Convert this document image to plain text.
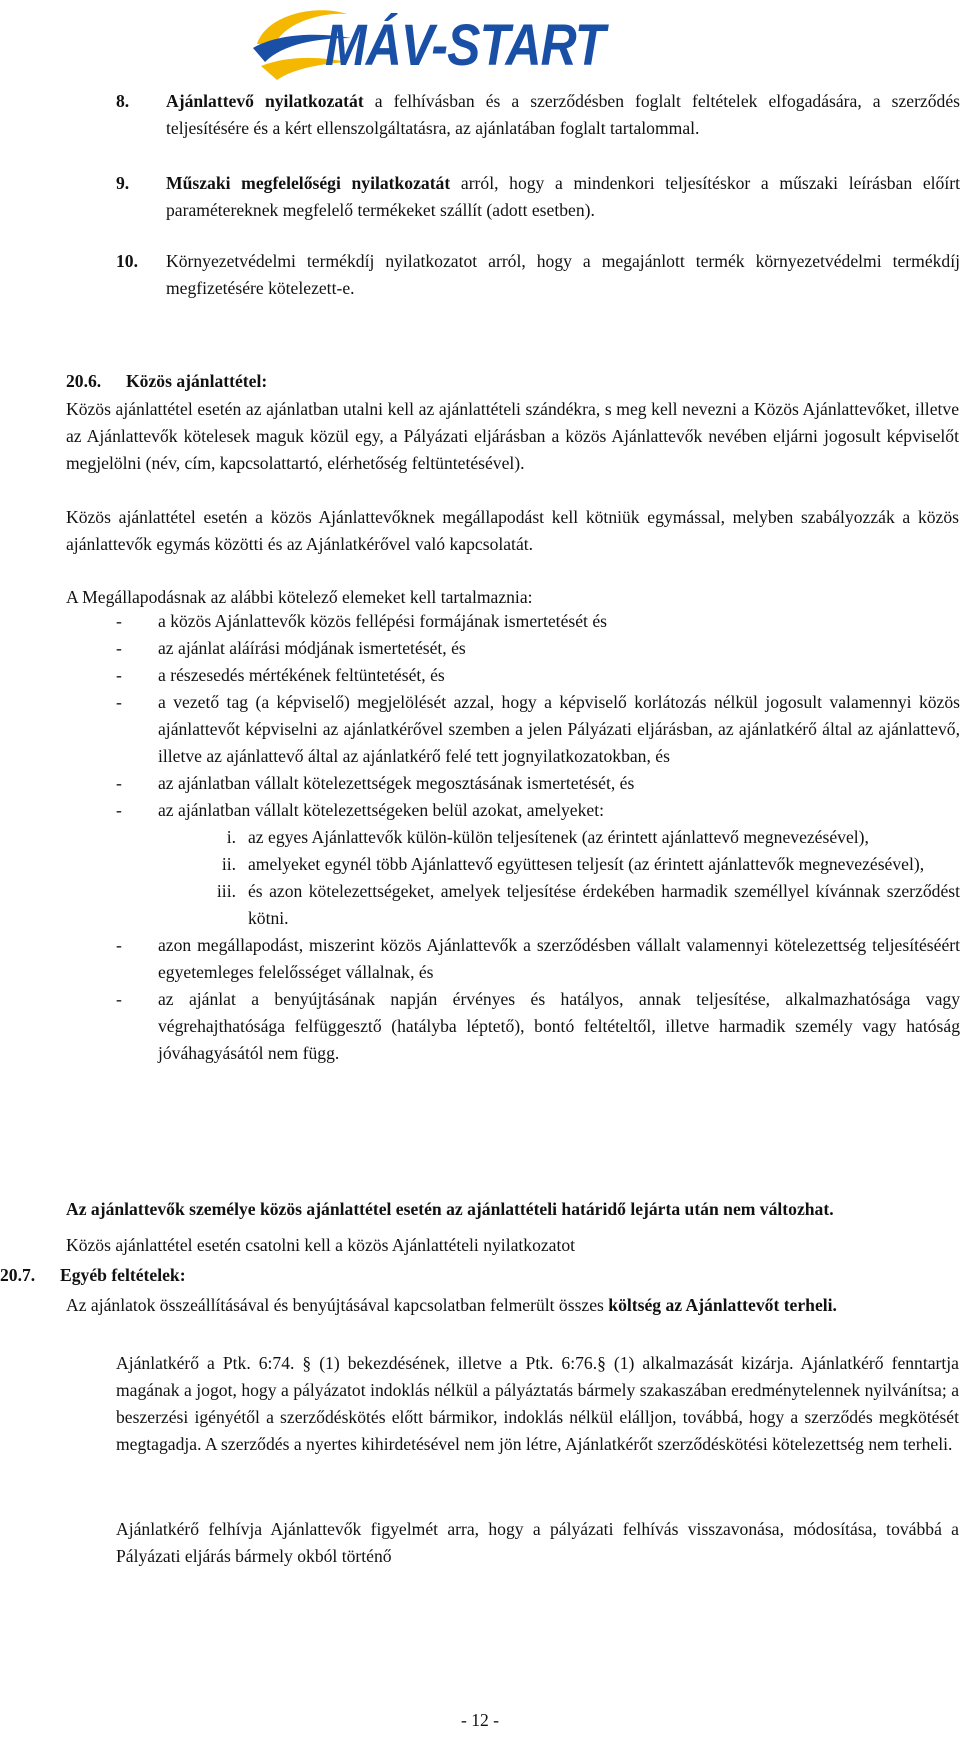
MÁV-START
8. Ajánlattevő nyilatkozatát a felhívásban és a szerződésben foglalt feltételek elfogadására, a szerződés teljesítésére és a kért ellenszolgáltatásra, az ajánlatában foglalt tartalommal.
9. Műszaki megfelelőségi nyilatkozatát arról, hogy a mindenkori teljesítéskor a műszaki leírásban előírt paramétereknek megfelelő termékeket szállít (adott esetben).
10. Környezetvédelmi termékdíj nyilatkozatot arról, hogy a megajánlott termék környezetvédelmi termékdíj megfizetésére kötelezett-e.
20.6. Közös ajánlattétel:
Közös ajánlattétel esetén az ajánlatban utalni kell az ajánlattételi szándékra, s meg kell nevezni a Közös Ajánlattevőket, illetve az Ajánlattevők kötelesek maguk közül egy, a Pályázati eljárásban a közös Ajánlattevők nevében eljárni jogosult képviselőt megjelölni (név, cím, kapcsolattartó, elérhetőség feltüntetésével).
Közös ajánlattétel esetén a közös Ajánlattevőknek megállapodást kell kötniük egymással, melyben szabályozzák a közös ajánlattevők egymás közötti és az Ajánlatkérővel való kapcsolatát.
A Megállapodásnak az alábbi kötelező elemeket kell tartalmaznia:
- a közös Ajánlattevők közös fellépési formájának ismertetését és
- az ajánlat aláírási módjának ismertetését, és
- a részesedés mértékének feltüntetését, és
- a vezető tag (a képviselő) megjelölését azzal, hogy a képviselő korlátozás nélkül jogosult valamennyi közös ajánlattevőt képviselni az ajánlatkérővel szemben a jelen Pályázati eljárásban, az ajánlatkérő által az ajánlattevő, illetve az ajánlattevő által az ajánlatkérő felé tett jognyilatkozatokban, és
- az ajánlatban vállalt kötelezettségek megosztásának ismertetését, és
- az ajánlatban vállalt kötelezettségeken belül azokat, amelyeket:
i. az egyes Ajánlattevők külön-külön teljesítenek (az érintett ajánlattevő megnevezésével),
ii. amelyeket egynél több Ajánlattevő együttesen teljesít (az érintett ajánlattevők megnevezésével),
iii. és azon kötelezettségeket, amelyek teljesítése érdekében harmadik személlyel kívánnak szerződést kötni.
- azon megállapodást, miszerint közös Ajánlattevők a szerződésben vállalt valamennyi kötelezettség teljesítéséért egyetemleges felelősséget vállalnak, és
- az ajánlat a benyújtásának napján érvényes és hatályos, annak teljesítése, alkalmazhatósága vagy végrehajthatósága felfüggesztő (hatályba léptető), bontó feltételtől, illetve harmadik személy vagy hatóság jóváhagyásától nem függ.
Az ajánlattevők személye közös ajánlattétel esetén az ajánlattételi határidő lejárta után nem változhat.
Közös ajánlattétel esetén csatolni kell a közös Ajánlattételi nyilatkozatot
20.7. Egyéb feltételek:
Az ajánlatok összeállításával és benyújtásával kapcsolatban felmerült összes költség az Ajánlattevőt terheli.
Ajánlatkérő a Ptk. 6:74. § (1) bekezdésének, illetve a Ptk. 6:76.§ (1) alkalmazását kizárja. Ajánlatkérő fenntartja magának a jogot, hogy a pályázatot indoklás nélkül a pályáztatás bármely szakaszában eredménytelennek nyilvánítsa; a beszerzési igényétől a szerződéskötés előtt bármikor, indoklás nélkül elálljon, továbbá, hogy a szerződés megkötését megtagadja. A szerződés a nyertes kihirdetésével nem jön létre, Ajánlatkérőt szerződéskötési kötelezettség nem terheli.
Ajánlatkérő felhívja Ajánlattevők figyelmét arra, hogy a pályázati felhívás visszavonása, módosítása, továbbá a Pályázati eljárás bármely okból történő
- 12 -
